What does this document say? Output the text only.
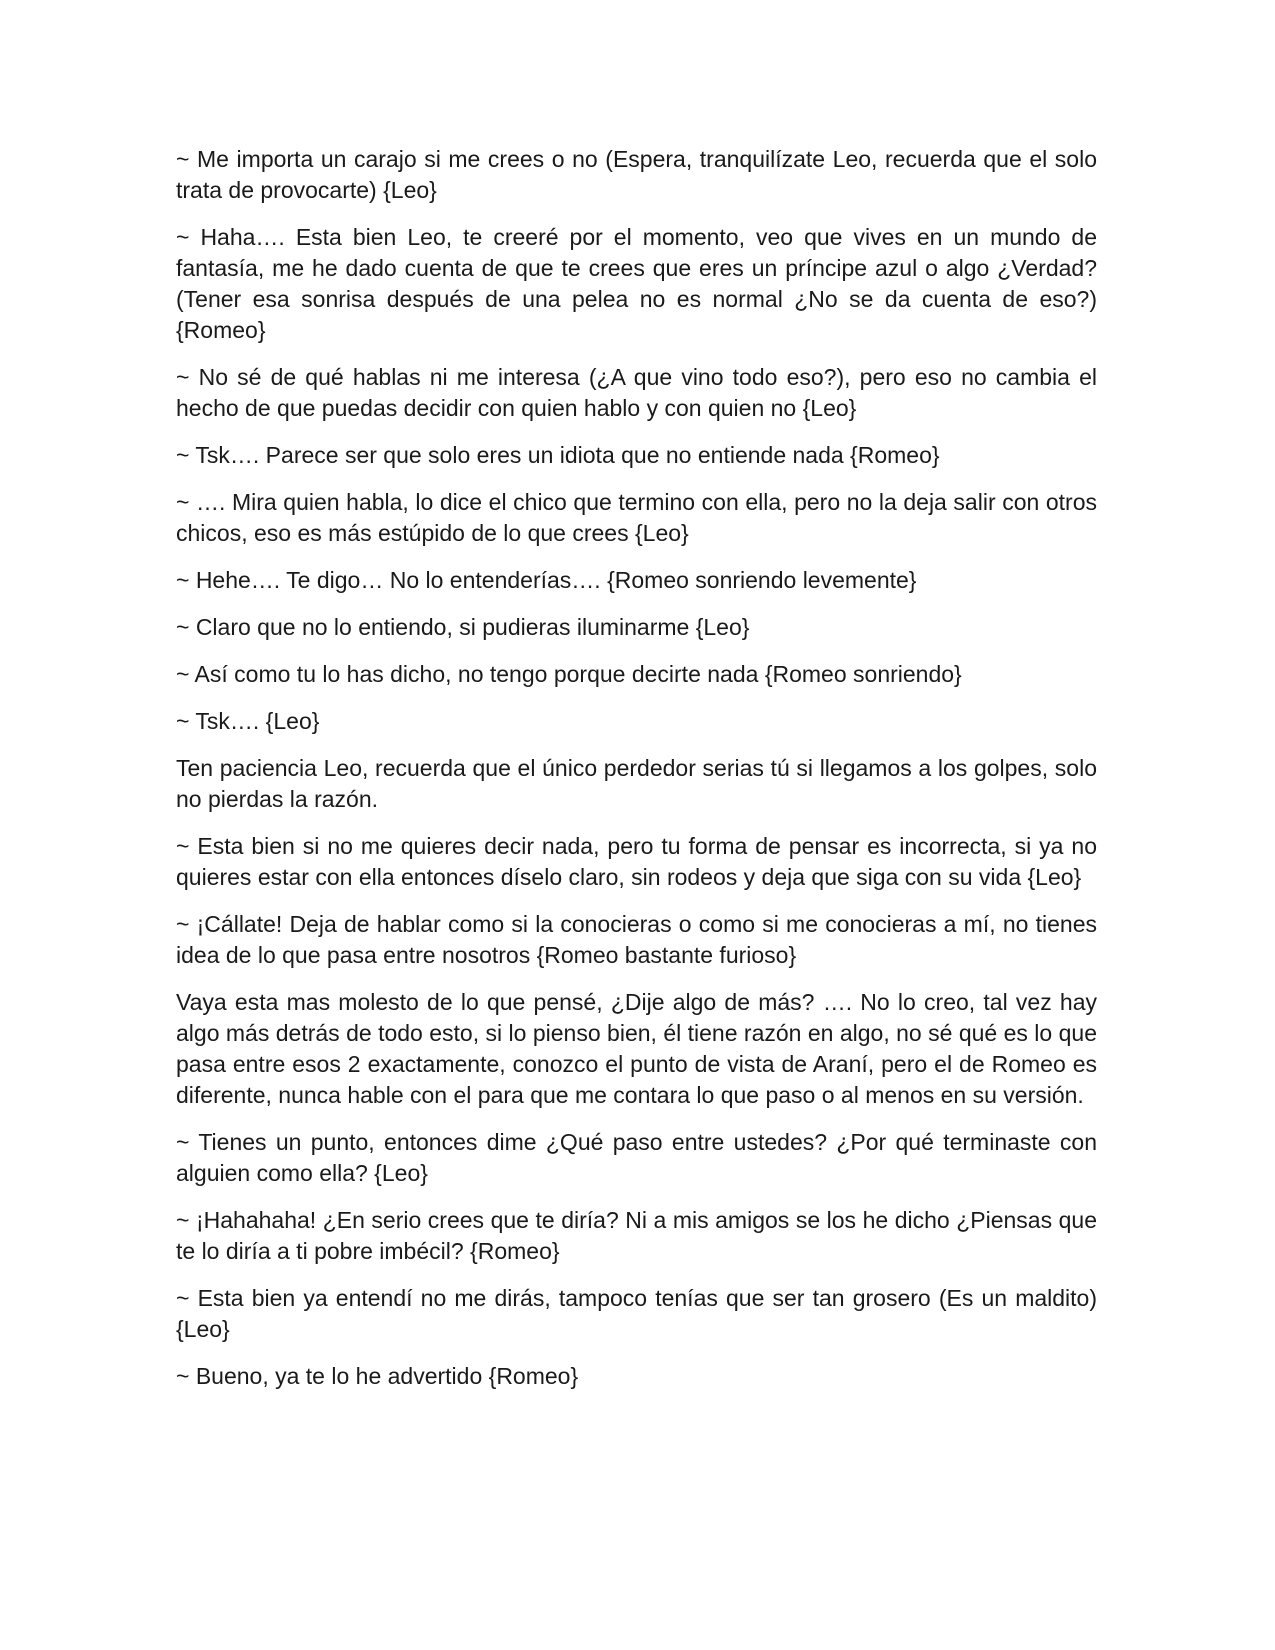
~ Me importa un carajo si me crees o no (Espera, tranquilízate Leo, recuerda que el solo trata de provocarte) {Leo}

~ Haha…. Esta bien Leo, te creeré por el momento, veo que vives en un mundo de fantasía, me he dado cuenta de que te crees que eres un príncipe azul o algo ¿Verdad? (Tener esa sonrisa después de una pelea no es normal ¿No se da cuenta de eso?) {Romeo}

~ No sé de qué hablas ni me interesa (¿A que vino todo eso?), pero eso no cambia el hecho de que puedas decidir con quien hablo y con quien no {Leo}

~ Tsk…. Parece ser que solo eres un idiota que no entiende nada {Romeo}

~ …. Mira quien habla, lo dice el chico que termino con ella, pero no la deja salir con otros chicos, eso es más estúpido de lo que crees {Leo}

~ Hehe…. Te digo… No lo entenderías…. {Romeo sonriendo levemente}

~ Claro que no lo entiendo, si pudieras iluminarme {Leo}

~ Así como tu lo has dicho, no tengo porque decirte nada {Romeo sonriendo}

~ Tsk…. {Leo}

Ten paciencia Leo, recuerda que el único perdedor serias tú si llegamos a los golpes, solo no pierdas la razón.

~ Esta bien si no me quieres decir nada, pero tu forma de pensar es incorrecta, si ya no quieres estar con ella entonces díselo claro, sin rodeos y deja que siga con su vida {Leo}

~ ¡Cállate! Deja de hablar como si la conocieras o como si me conocieras a mí, no tienes idea de lo que pasa entre nosotros {Romeo bastante furioso}

Vaya esta mas molesto de lo que pensé, ¿Dije algo de más? …. No lo creo, tal vez hay algo más detrás de todo esto, si lo pienso bien, él tiene razón en algo, no sé qué es lo que pasa entre esos 2 exactamente, conozco el punto de vista de Araní, pero el de Romeo es diferente, nunca hable con el para que me contara lo que paso o al menos en su versión.

~ Tienes un punto, entonces dime ¿Qué paso entre ustedes? ¿Por qué terminaste con alguien como ella? {Leo}

~ ¡Hahahaha! ¿En serio crees que te diría? Ni a mis amigos se los he dicho ¿Piensas que te lo diría a ti pobre imbécil? {Romeo}

~ Esta bien ya entendí no me dirás, tampoco tenías que ser tan grosero (Es un maldito) {Leo}

~ Bueno, ya te lo he advertido {Romeo}
